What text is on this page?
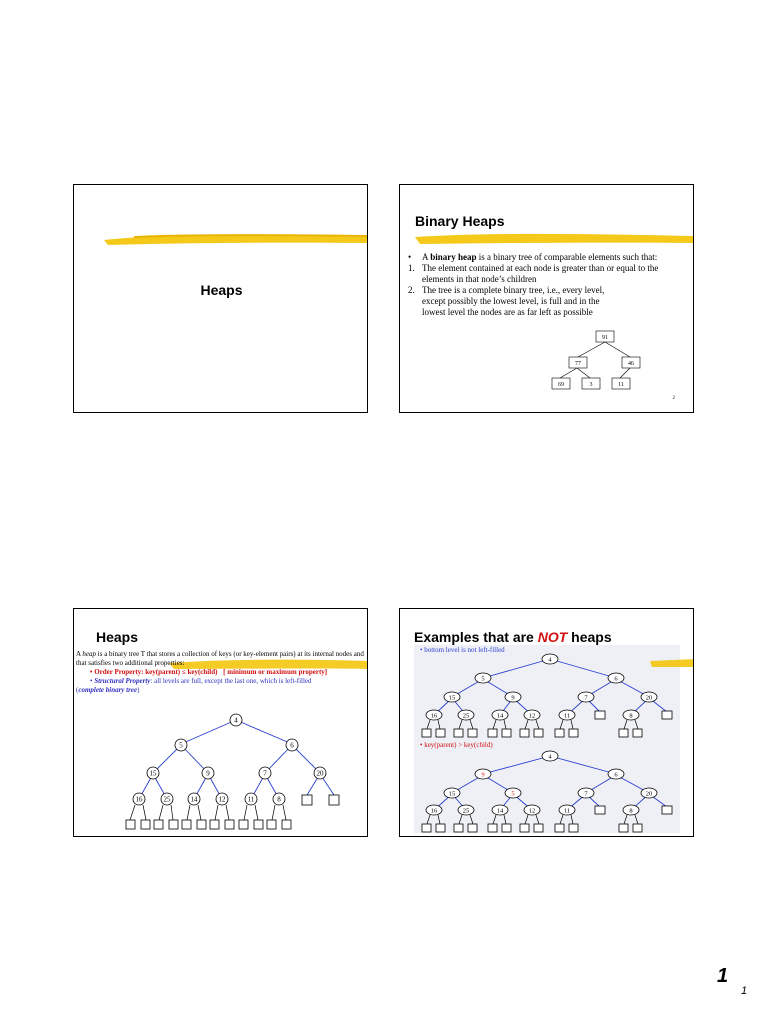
Heaps
Binary Heaps
•	A binary heap is a binary tree of comparable elements such that:
1. The element contained at each node is greater than or equal to the elements in that node’s children
2. The tree is a complete binary tree, i.e., every level, except possibly the lowest level, is full and in the lowest level the nodes are as far left as possible
91
77	46
69	3	11
2
Heaps
A heap is a binary tree T that stores a collection of keys (or key-element pairs) at its internal nodes and that satisfies two additional properties:
• Order Property: key(parent) ≤ key(child) [ minimum or maximum property]
• Structural Property: all levels are full, except the last one, which is left-filled
(complete binary tree)
4
5	6
15	9	7	20
16	25	14	12	11	8
Examples that are NOT heaps
• bottom level is not left-filled
• key(parent) > key(child)
4
5	6
15	9	7	20
16	25	14	12	11	8
4
9	6
15	5	7	20
16	25	14	12	11	8
1
1
